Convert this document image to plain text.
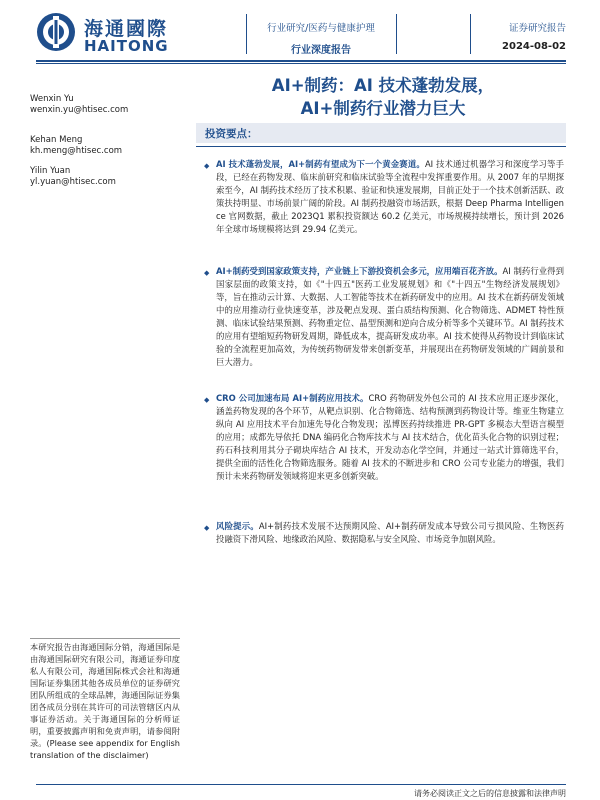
海通國際
HAITONG
行业研究/医药与健康护理
行业深度报告
证券研究报告
2024-08-02
AI+制药：AI 技术蓬勃发展，
AI+制药行业潜力巨大
Wenxin Yu
wenxin.yu@htisec.com
Kehan Meng
kh.meng@htisec.com
Yilin Yuan
yl.yuan@htisec.com
投资要点：
◆ AI 技术蓬勃发展，AI+制药有望成为下一个黄金赛道。AI 技术通过机器学习和深度学习等手段，已经在药物发现、临床前研究和临床试验等全流程中发挥重要作用。从 2007 年的早期探索至今，AI 制药技术经历了技术积累、验证和快速发展期，目前正处于一个技术创新活跃、政策扶持明显、市场前景广阔的阶段。AI 制药投融资市场活跃，根据 Deep Pharma Intelligence 官网数据，截止 2023Q1 累积投资额达 60.2 亿美元，市场规模持续增长，预计到 2026 年全球市场规模将达到 29.94 亿美元。
◆ AI+制药受到国家政策支持，产业链上下游投资机会多元，应用端百花齐放。AI 制药行业得到国家层面的政策支持，如《"十四五"医药工业发展规划》和《"十四五"生物经济发展规划》等，旨在推动云计算、大数据、人工智能等技术在新药研发中的应用。AI 技术在新药研发领域中的应用推动行业快速变革，涉及靶点发现、蛋白质结构预测、化合物筛选、ADMET 特性预测、临床试验结果预测、药物重定位、晶型预测和逆向合成分析等多个关键环节。AI 制药技术的应用有望缩短药物研发周期，降低成本，提高研发成功率。AI 技术使得从药物设计到临床试验的全流程更加高效，为传统药物研发带来创新变革，并展现出在药物研发领域的广阔前景和巨大潜力。
◆ CRO 公司加速布局 AI+制药应用技术。CRO 药物研发外包公司的 AI 技术应用正逐步深化，涵盖药物发现的各个环节，从靶点识别、化合物筛选、结构预测到药物设计等。维亚生物建立纵向 AI 应用技术平台加速先导化合物发现；泓博医药持续推进 PR-GPT 多模态大型语言模型的应用；成都先导依托 DNA 编码化合物库技术与 AI 技术结合，优化苗头化合物的识别过程；药石科技利用其分子砌块库结合 AI 技术，开发动态化学空间，并通过一站式计算筛选平台，提供全面的活性化合物筛选服务。随着 AI 技术的不断进步和 CRO 公司专业能力的增强，我们预计未来药物研发领域将迎来更多创新突破。
◆ 风险提示。AI+制药技术发展不达预期风险、AI+制药研发成本导致公司亏损风险、生物医药投融资下滑风险、地缘政治风险、数据隐私与安全风险、市场竞争加剧风险。
本研究报告由海通国际分销，海通国际是由海通国际研究有限公司，海通证券印度私人有限公司，海通国际株式会社和海通国际证券集团其他各成员单位的证券研究团队所组成的全球品牌，海通国际证券集团各成员分别在其许可的司法管辖区内从事证券活动。关于海通国际的分析师证明，重要披露声明和免责声明，请参阅附录。(Please see appendix for English translation of the disclaimer)
请务必阅读正文之后的信息披露和法律声明
